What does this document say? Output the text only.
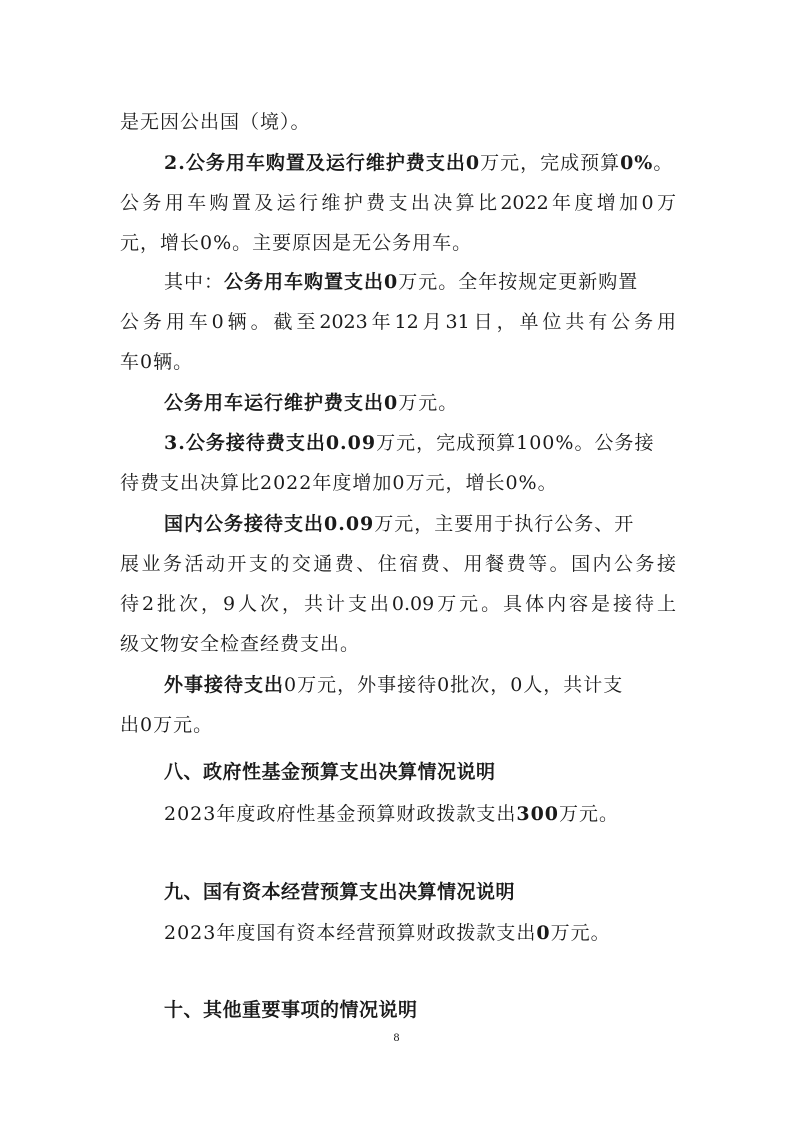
是无因公出国（境）。
2.公务用车购置及运行维护费支出0万元，完成预算0%。
公务用车购置及运行维护费支出决算比2022年度增加0万
元，增长0%。主要原因是无公务用车。
其中：公务用车购置支出0万元。全年按规定更新购置
公务用车0辆。截至2023年12月31日，单位共有公务用
车0辆。
公务用车运行维护费支出0万元。
3.公务接待费支出0.09万元，完成预算100%。公务接
待费支出决算比2022年度增加0万元，增长0%。
国内公务接待支出0.09万元，主要用于执行公务、开
展业务活动开支的交通费、住宿费、用餐费等。国内公务接
待2批次，9人次，共计支出0.09万元。具体内容是接待上
级文物安全检查经费支出。
外事接待支出0万元，外事接待0批次，0人，共计支
出0万元。
八、政府性基金预算支出决算情况说明
2023年度政府性基金预算财政拨款支出300万元。
九、国有资本经营预算支出决算情况说明
2023年度国有资本经营预算财政拨款支出0万元。
十、其他重要事项的情况说明
8
